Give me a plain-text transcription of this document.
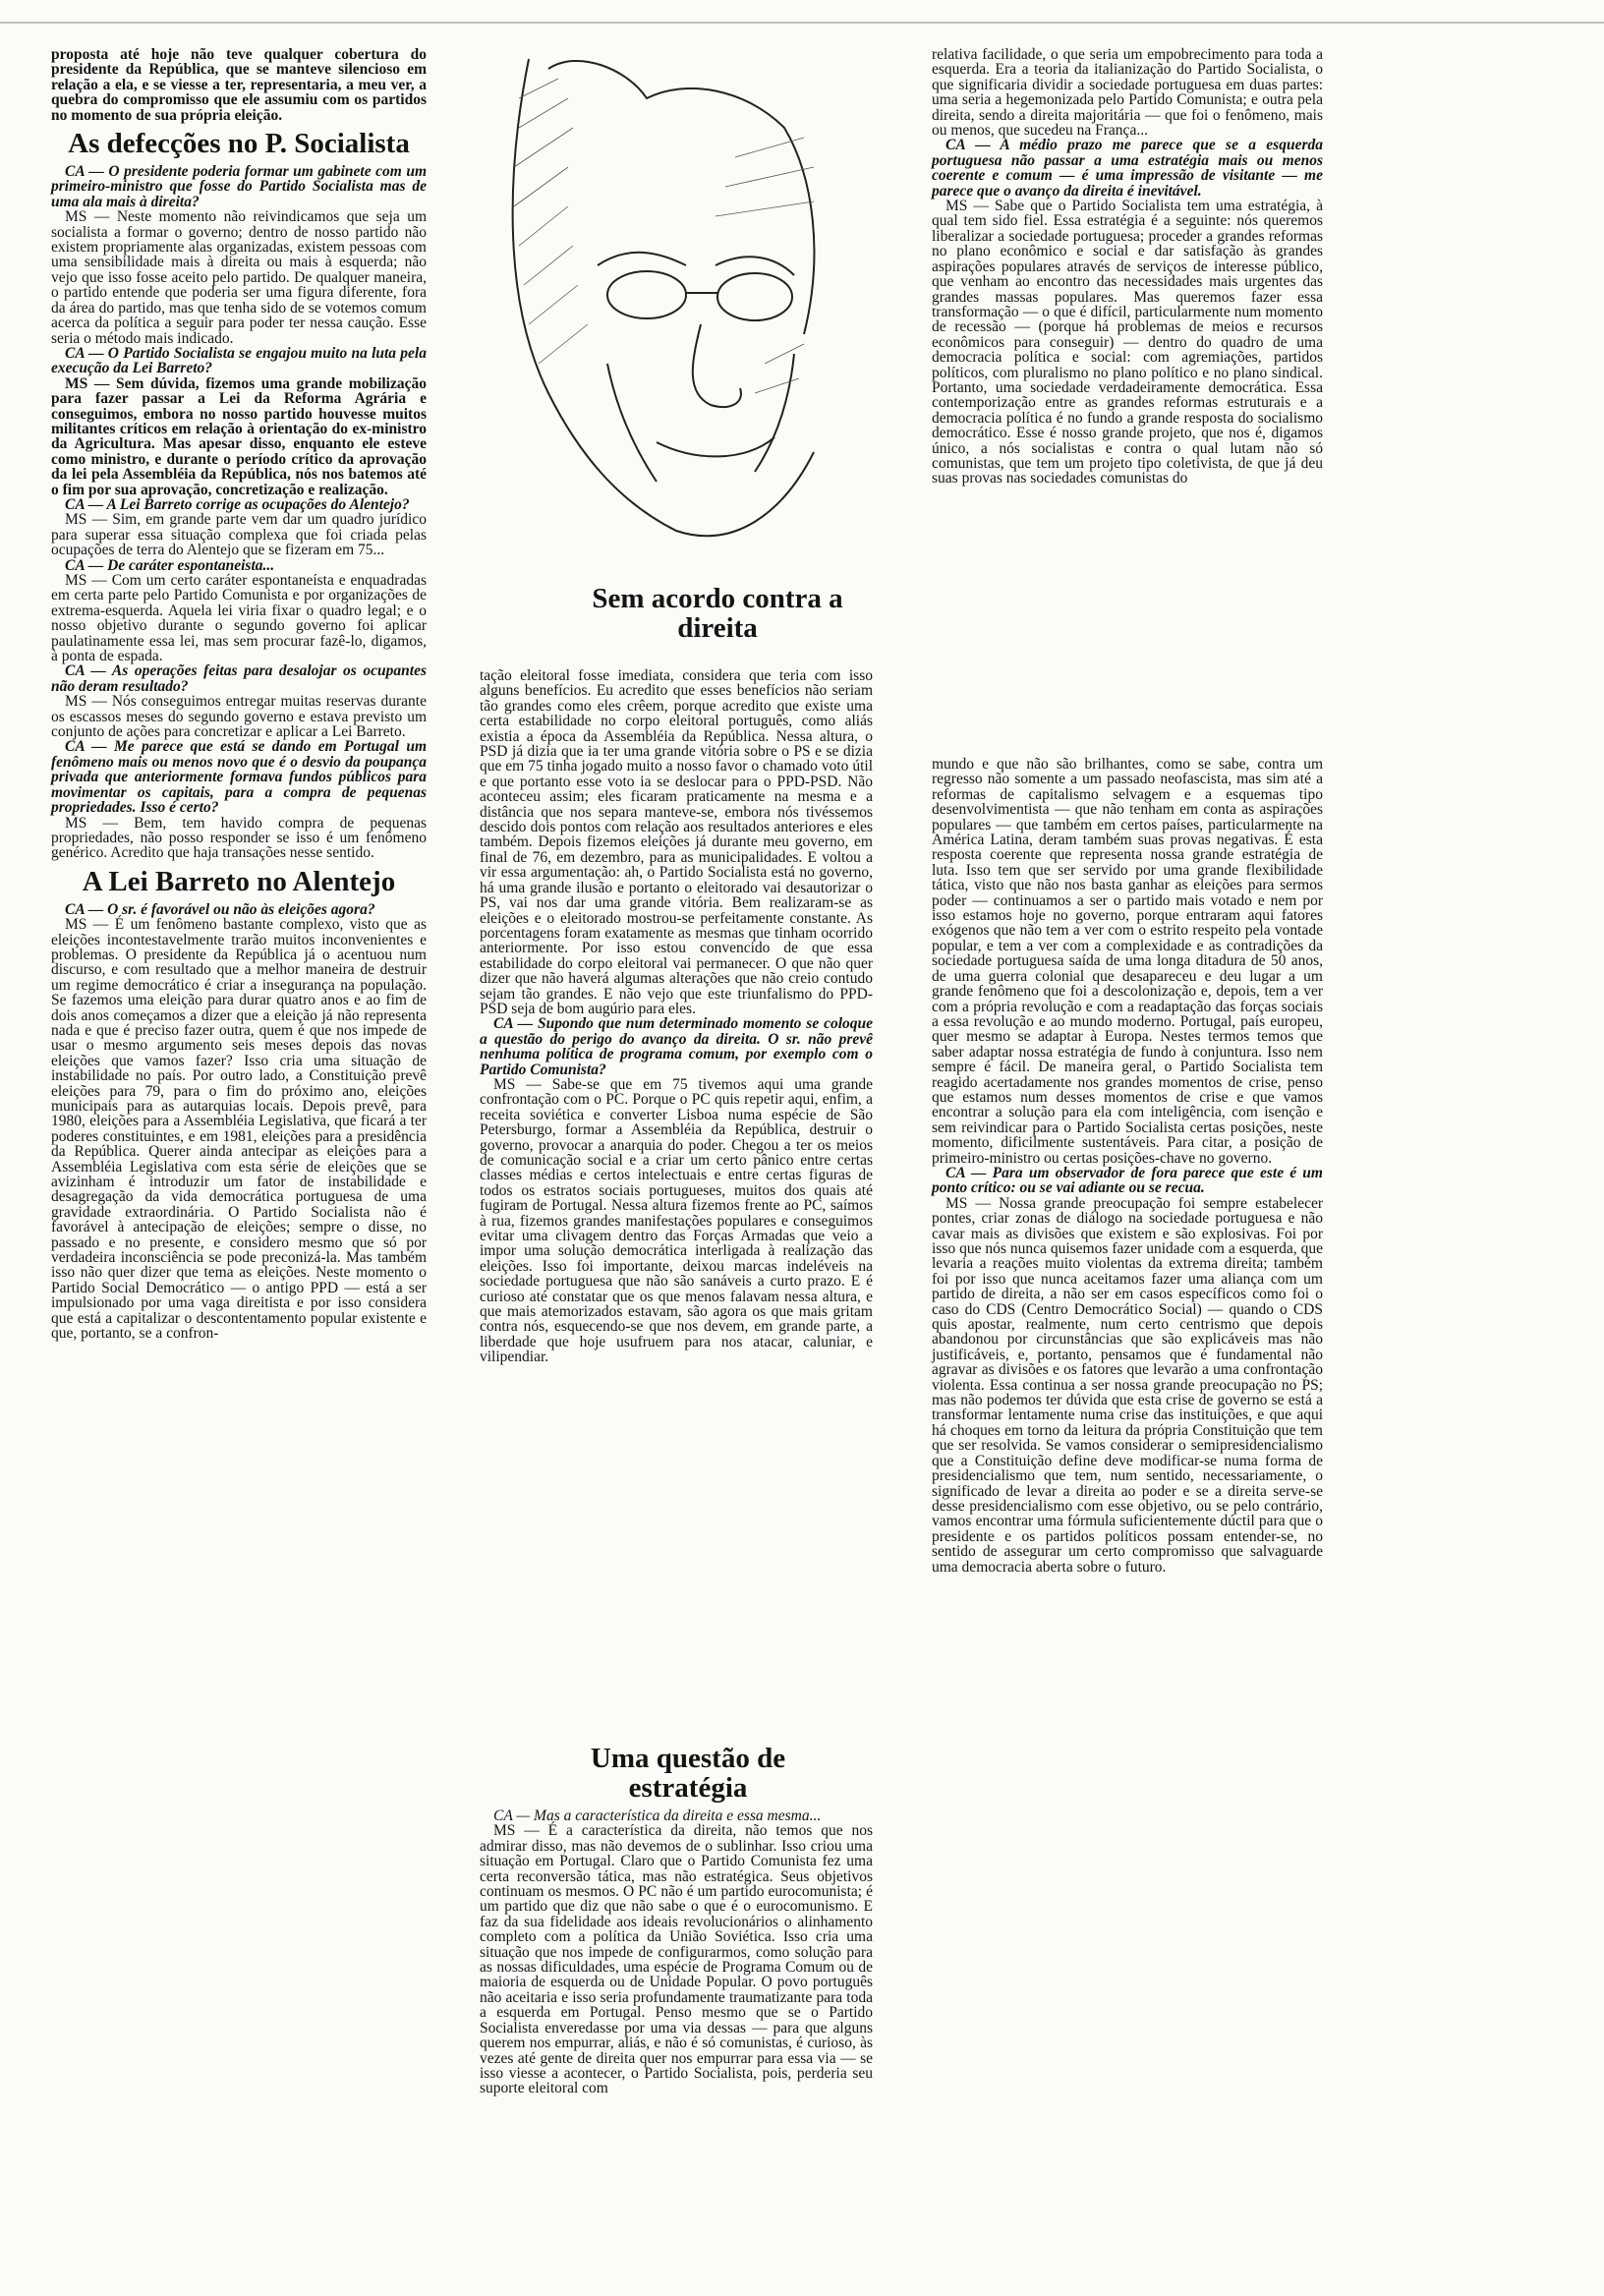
proposta até hoje não teve qualquer cobertura do presidente da República, que se manteve silencioso em relação a ela, e se viesse a ter, representaria, a meu ver, a quebra do compromisso que ele assumiu com os partidos no momento de sua própria eleição.

As defecções no P. Socialista

CA — O presidente poderia formar um gabinete com um primeiro-ministro que fosse do Partido Socialista mas de uma ala mais à direita?

MS — Neste momento não reivindicamos que seja um socialista a formar o governo; dentro de nosso partido não existem propriamente alas organizadas, existem pessoas com uma sensibilidade mais à direita ou mais à esquerda; não vejo que isso fosse aceito pelo partido. De qualquer maneira, o partido entende que poderia ser uma figura diferente, fora da área do partido, mas que tenha sido de se votemos comum acerca da política a seguir para poder ter nessa caução. Esse seria o método mais indicado.

CA — O Partido Socialista se engajou muito na luta pela execução da Lei Barreto?

MS — Sem dúvida, fizemos uma grande mobilização para fazer passar a Lei da Reforma Agrária e conseguimos, embora no nosso partido houvesse muitos militantes críticos em relação à orientação do ex-ministro da Agricultura. Mas apesar disso, enquanto ele esteve como ministro, e durante o período crítico da aprovação da lei pela Assembléia da República, nós nos batemos até o fim por sua aprovação, concretização e realização.

CA — A Lei Barreto corrige as ocupações do Alentejo?

MS — Sim, em grande parte vem dar um quadro jurídico para superar essa situação complexa que foi criada pelas ocupações de terra do Alentejo que se fizeram em 75...

CA — De caráter espontaneista...

MS — Com um certo caráter espontaneísta e enquadradas em certa parte pelo Partido Comunista e por organizações de extrema-esquerda. Aquela lei viria fixar o quadro legal; e o nosso objetivo durante o segundo governo foi aplicar paulatinamente essa lei, mas sem procurar fazê-lo, digamos, à ponta de espada.

CA — As operações feitas para desalojar os ocupantes não deram resultado?

MS — Nós conseguimos entregar muitas reservas durante os escassos meses do segundo governo e estava previsto um conjunto de ações para concretizar e aplicar a Lei Barreto.

CA — Me parece que está se dando em Portugal um fenômeno mais ou menos novo que é o desvio da poupança privada que anteriormente formava fundos públicos para movimentar os capitais, para a compra de pequenas propriedades. Isso é certo?

MS — Bem, tem havido compra de pequenas propriedades, não posso responder se isso é um fenômeno genérico. Acredito que haja transações nesse sentido.

A Lei Barreto no Alentejo

CA — O sr. é favorável ou não às eleições agora?

MS — É um fenômeno bastante complexo, visto que as eleições incontestavelmente trarão muitos inconvenientes e problemas. O presidente da República já o acentuou num discurso, e com resultado que a melhor maneira de destruir um regime democrático é criar a insegurança na população. Se fazemos uma eleição para durar quatro anos e ao fim de dois anos começamos a dizer que a eleição já não representa nada e que é preciso fazer outra, quem é que nos impede de usar o mesmo argumento seis meses depois das novas eleições que vamos fazer? Isso cria uma situação de instabilidade no país. Por outro lado, a Constituição prevê eleições para 79, para o fim do próximo ano, eleições municipais para as autarquias locais. Depois prevê, para 1980, eleições para a Assembléia Legislativa, que ficará a ter poderes constituintes, e em 1981, eleições para a presidência da República. Querer ainda antecipar as eleições para a Assembléia Legislativa com esta série de eleições que se avizinham é introduzir um fator de instabilidade e desagregação da vida democrática portuguesa de uma gravidade extraordinária. O Partido Socialista não é favorável à antecipação de eleições; sempre o disse, no passado e no presente, e considero mesmo que só por verdadeira inconsciência se pode preconizá-la. Mas também isso não quer dizer que tema as eleições. Neste momento o Partido Social Democrático — o antigo PPD — está a ser impulsionado por uma vaga direitista e por isso considera que está a capitalizar o descontentamento popular existente e que, portanto, se a confron-

Sem acordo contra a direita

tação eleitoral fosse imediata, considera que teria com isso alguns benefícios. Eu acredito que esses benefícios não seriam tão grandes como eles crêem, porque acredito que existe uma certa estabilidade no corpo eleitoral português, como aliás existia a época da Assembléia da República. Nessa altura, o PSD já dizia que ia ter uma grande vitória sobre o PS e se dizia que em 75 tinha jogado muito a nosso favor o chamado voto útil e que portanto esse voto ia se deslocar para o PPD-PSD. Não aconteceu assim; eles ficaram praticamente na mesma e a distância que nos separa manteve-se, embora nós tivéssemos descido dois pontos com relação aos resultados anteriores e eles também. Depois fizemos eleições já durante meu governo, em final de 76, em dezembro, para as municipalidades. E voltou a vir essa argumentação: ah, o Partido Socialista está no governo, há uma grande ilusão e portanto o eleitorado vai desautorizar o PS, vai nos dar uma grande vitória. Bem realizaram-se as eleições e o eleitorado mostrou-se perfeitamente constante. As porcentagens foram exatamente as mesmas que tinham ocorrido anteriormente. Por isso estou convencido de que essa estabilidade do corpo eleitoral vai permanecer. O que não quer dizer que não haverá algumas alterações que não creio contudo sejam tão grandes. E não vejo que este triunfalismo do PPD-PSD seja de bom augúrio para eles.

CA — Supondo que num determinado momento se coloque a questão do perigo do avanço da direita. O sr. não prevê nenhuma política de programa comum, por exemplo com o Partido Comunista?

MS — Sabe-se que em 75 tivemos aqui uma grande confrontação com o PC. Porque o PC quis repetir aqui, enfim, a receita soviética e converter Lisboa numa espécie de São Petersburgo, formar a Assembléia da República, destruir o governo, provocar a anarquia do poder. Chegou a ter os meios de comunicação social e a criar um certo pânico entre certas classes médias e certos intelectuais e entre certas figuras de todos os estratos sociais portugueses, muitos dos quais até fugiram de Portugal. Nessa altura fizemos frente ao PC, saímos à rua, fizemos grandes manifestações populares e conseguimos evitar uma clivagem dentro das Forças Armadas que veio a impor uma solução democrática interligada à realização das eleições. Isso foi importante, deixou marcas indeléveis na sociedade portuguesa que não são sanáveis a curto prazo. E é curioso até constatar que os que menos falavam nessa altura, e que mais atemorizados estavam, são agora os que mais gritam contra nós, esquecendo-se que nos devem, em grande parte, a liberdade que hoje usufruem para nos atacar, caluniar, e vilipendiar.

Uma questão de estratégia

CA — Mas a característica da direita e essa mesma...

MS — É a característica da direita, não temos que nos admirar disso, mas não devemos de o sublinhar. Isso criou uma situação em Portugal. Claro que o Partido Comunista fez uma certa reconversão tática, mas não estratégica. Seus objetivos continuam os mesmos. O PC não é um partido eurocomunista; é um partido que diz que não sabe o que é o eurocomunismo. E faz da sua fidelidade aos ideais revolucionários o alinhamento completo com a política da União Soviética. Isso cria uma situação que nos impede de configurarmos, como solução para as nossas dificuldades, uma espécie de Programa Comum ou de maioria de esquerda ou de Unidade Popular. O povo português não aceitaria e isso seria profundamente traumatizante para toda a esquerda em Portugal. Penso mesmo que se o Partido Socialista enveredasse por uma via dessas — para que alguns querem nos empurrar, aliás, e não é só comunistas, é curioso, às vezes até gente de direita quer nos empurrar para essa via — se isso viesse a acontecer, o Partido Socialista, pois, perderia seu suporte eleitoral com

relativa facilidade, o que seria um empobrecimento para toda a esquerda. Era a teoria da italianização do Partido Socialista, o que significaria dividir a sociedade portuguesa em duas partes: uma seria a hegemonizada pelo Partido Comunista; e outra pela direita, sendo a direita majoritária — que foi o fenômeno, mais ou menos, que sucedeu na França...

CA — A médio prazo me parece que se a esquerda portuguesa não passar a uma estratégia mais ou menos coerente e comum — é uma impressão de visitante — me parece que o avanço da direita é inevitável.

MS — Sabe que o Partido Socialista tem uma estratégia, à qual tem sido fiel. Essa estratégia é a seguinte: nós queremos liberalizar a sociedade portuguesa; proceder a grandes reformas no plano econômico e social e dar satisfação às grandes aspirações populares através de serviços de interesse público, que venham ao encontro das necessidades mais urgentes das grandes massas populares. Mas queremos fazer essa transformação — o que é difícil, particularmente num momento de recessão — (porque há problemas de meios e recursos econômicos para conseguir) — dentro do quadro de uma democracia política e social: com agremiações, partidos políticos, com pluralismo no plano político e no plano sindical. Portanto, uma sociedade verdadeiramente democrática. Essa contemporização entre as grandes reformas estruturais e a democracia política é no fundo a grande resposta do socialismo democrático. Esse é nosso grande projeto, que nos é, digamos único, a nós socialistas e contra o qual lutam não só comunistas, que tem um projeto tipo coletivista, de que já deu suas provas nas sociedades comunistas do

mundo e que não são brilhantes, como se sabe, contra um regresso não somente a um passado neofascista, mas sim até a reformas de capitalismo selvagem e a esquemas tipo desenvolvimentista — que não tenham em conta as aspirações populares — que também em certos países, particularmente na América Latina, deram também suas provas negativas. É esta resposta coerente que representa nossa grande estratégia de luta. Isso tem que ser servido por uma grande flexibilidade tática, visto que não nos basta ganhar as eleições para sermos poder — continuamos a ser o partido mais votado e nem por isso estamos hoje no governo, porque entraram aqui fatores exógenos que não tem a ver com o estrito respeito pela vontade popular, e tem a ver com a complexidade e as contradições da sociedade portuguesa saída de uma longa ditadura de 50 anos, de uma guerra colonial que desapareceu e deu lugar a um grande fenômeno que foi a descolonização e, depois, tem a ver com a própria revolução e com a readaptação das forças sociais a essa revolução e ao mundo moderno. Portugal, país europeu, quer mesmo se adaptar à Europa. Nestes termos temos que saber adaptar nossa estratégia de fundo à conjuntura. Isso nem sempre é fácil. De maneira geral, o Partido Socialista tem reagido acertadamente nos grandes momentos de crise, penso que estamos num desses momentos de crise e que vamos encontrar a solução para ela com inteligência, com isenção e sem reivindicar para o Partido Socialista certas posições, neste momento, dificilmente sustentáveis. Para citar, a posição de primeiro-ministro ou certas posições-chave no governo.

CA — Para um observador de fora parece que este é um ponto crítico: ou se vai adiante ou se recua.

MS — Nossa grande preocupação foi sempre estabelecer pontes, criar zonas de diálogo na sociedade portuguesa e não cavar mais as divisões que existem e são explosivas. Foi por isso que nós nunca quisemos fazer unidade com a esquerda, que levaria a reações muito violentas da extrema direita; também foi por isso que nunca aceitamos fazer uma aliança com um partido de direita, a não ser em casos específicos como foi o caso do CDS (Centro Democrático Social) — quando o CDS quis apostar, realmente, num certo centrismo que depois abandonou por circunstâncias que são explicáveis mas não justificáveis, e, portanto, pensamos que é fundamental não agravar as divisões e os fatores que levarão a uma confrontação violenta. Essa continua a ser nossa grande preocupação no PS; mas não podemos ter dúvida que esta crise de governo se está a transformar lentamente numa crise das instituições, e que aqui há choques em torno da leitura da própria Constituição que tem que ser resolvida. Se vamos considerar o semipresidencialismo que a Constituição define deve modificar-se numa forma de presidencialismo que tem, num sentido, necessariamente, o significado de levar a direita ao poder e se a direita serve-se desse presidencialismo com esse objetivo, ou se pelo contrário, vamos encontrar uma fórmula suficientemente dúctil para que o presidente e os partidos políticos possam entender-se, no sentido de assegurar um certo compromisso que salvaguarde uma democracia aberta sobre o futuro.
